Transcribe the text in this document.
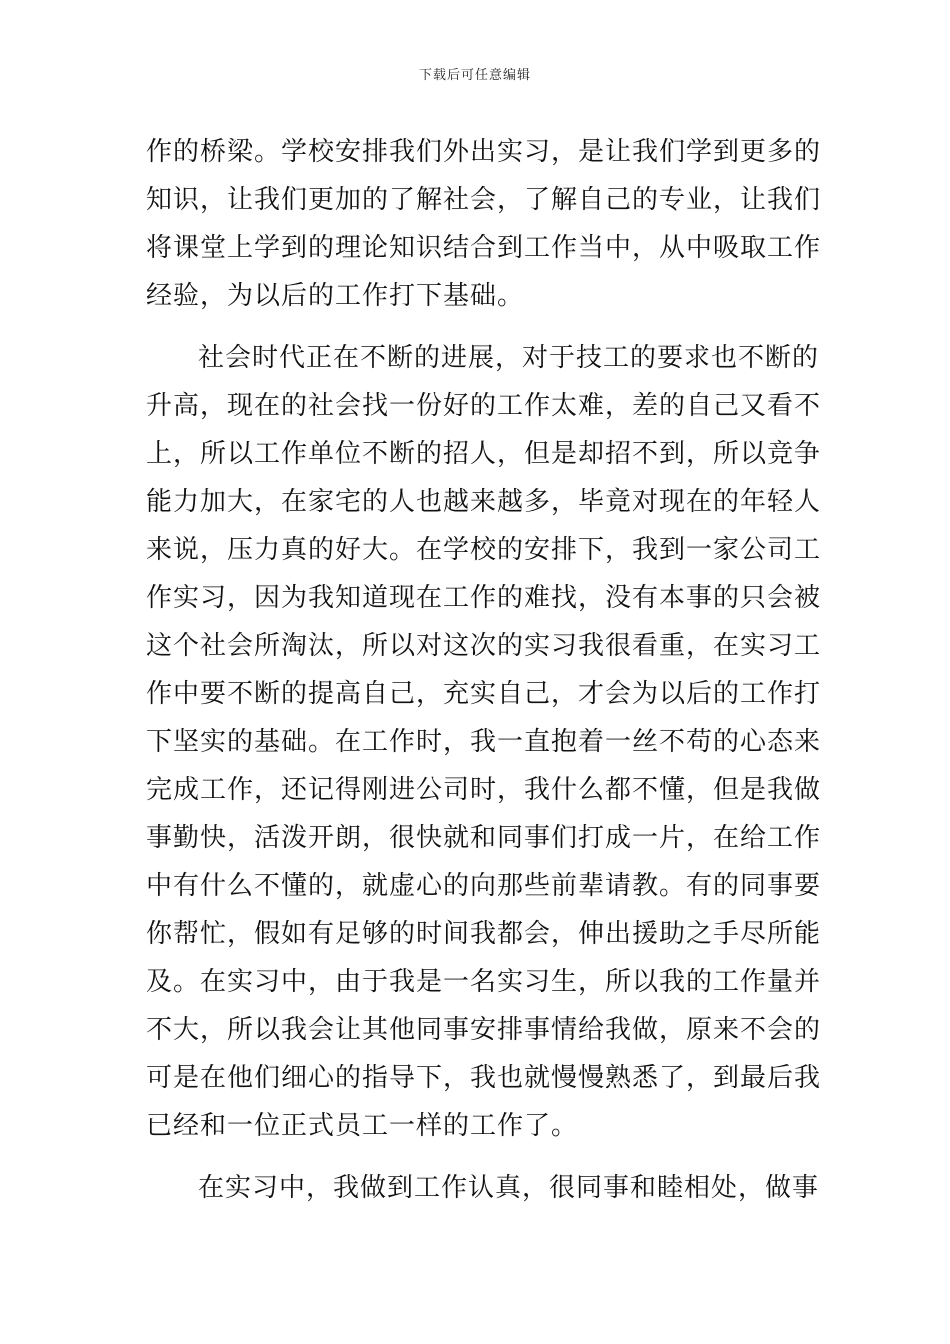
下载后可任意编辑
作的桥梁。学校安排我们外出实习，是让我们学到更多的
知识，让我们更加的了解社会，了解自己的专业，让我们
将课堂上学到的理论知识结合到工作当中，从中吸取工作
经验，为以后的工作打下基础。
社会时代正在不断的进展，对于技工的要求也不断的
升高，现在的社会找一份好的工作太难，差的自己又看不
上，所以工作单位不断的招人，但是却招不到，所以竞争
能力加大，在家宅的人也越来越多，毕竟对现在的年轻人
来说，压力真的好大。在学校的安排下，我到一家公司工
作实习，因为我知道现在工作的难找，没有本事的只会被
这个社会所淘汰，所以对这次的实习我很看重，在实习工
作中要不断的提高自己，充实自己，才会为以后的工作打
下坚实的基础。在工作时，我一直抱着一丝不苟的心态来
完成工作，还记得刚进公司时，我什么都不懂，但是我做
事勤快，活泼开朗，很快就和同事们打成一片，在给工作
中有什么不懂的，就虚心的向那些前辈请教。有的同事要
你帮忙，假如有足够的时间我都会，伸出援助之手尽所能
及。在实习中，由于我是一名实习生，所以我的工作量并
不大，所以我会让其他同事安排事情给我做，原来不会的
可是在他们细心的指导下，我也就慢慢熟悉了，到最后我
已经和一位正式员工一样的工作了。
在实习中，我做到工作认真，很同事和睦相处，做事
